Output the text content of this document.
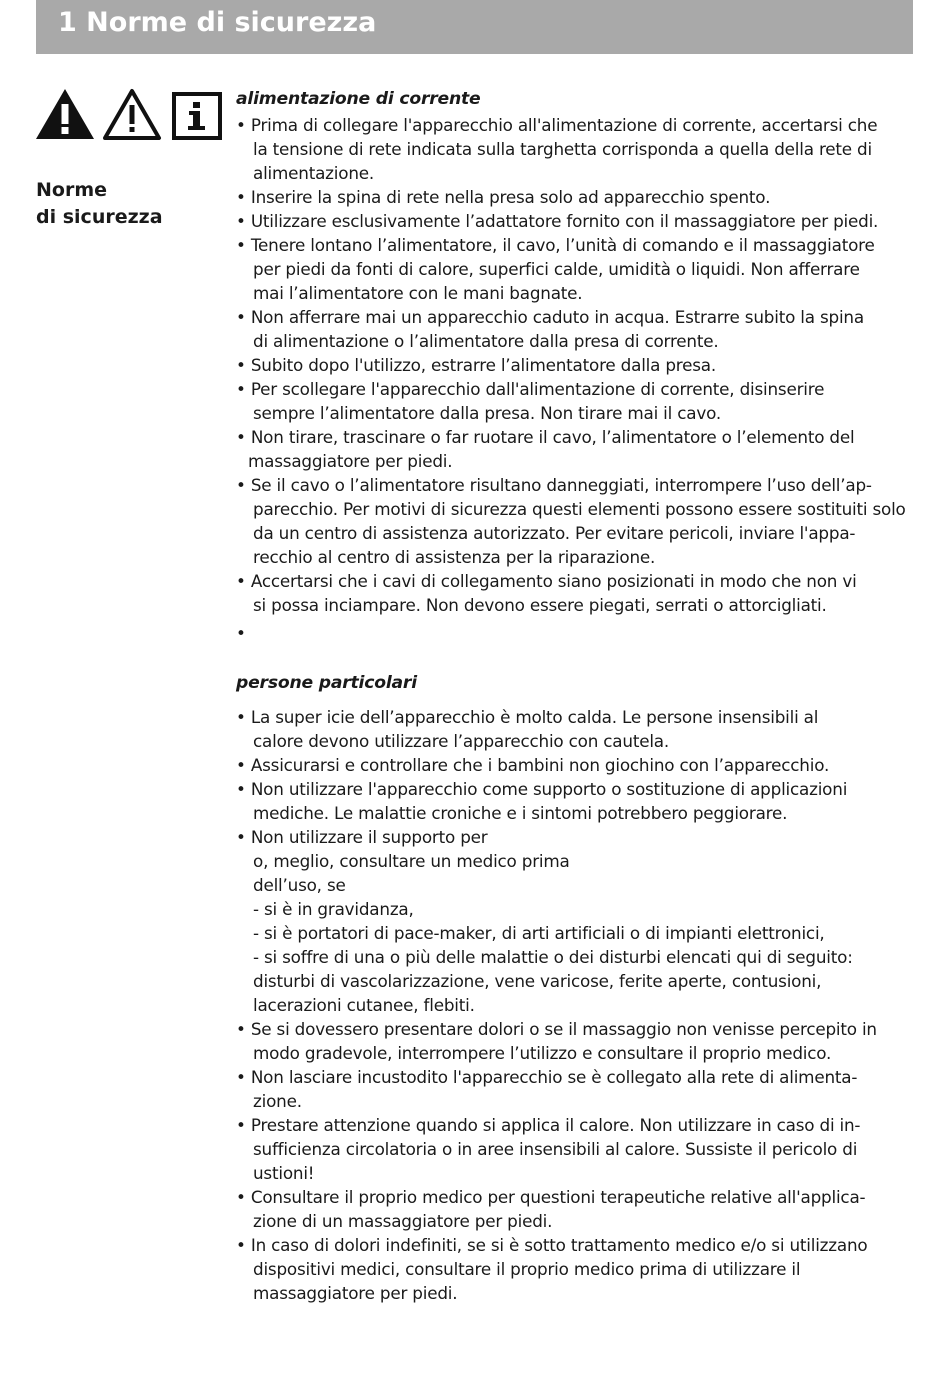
1 Norme di sicurezza
Norme
di sicurezza
alimentazione di corrente
• Prima di collegare l'apparecchio all'alimentazione di corrente, accertarsi che
la tensione di rete indicata sulla targhetta corrisponda a quella della rete di
alimentazione.
• Inserire la spina di rete nella presa solo ad apparecchio spento.
• Utilizzare esclusivamente l’adattatore fornito con il massaggiatore per piedi.
• Tenere lontano l’alimentatore, il cavo, l’unità di comando e il massaggiatore
per piedi da fonti di calore, superfici calde, umidità o liquidi. Non afferrare
mai l’alimentatore con le mani bagnate.
• Non afferrare mai un apparecchio caduto in acqua. Estrarre subito la spina
di alimentazione o l’alimentatore dalla presa di corrente.
• Subito dopo l'utilizzo, estrarre l’alimentatore dalla presa.
• Per scollegare l'apparecchio dall'alimentazione di corrente, disinserire
sempre l’alimentatore dalla presa. Non tirare mai il cavo.
• Non tirare, trascinare o far ruotare il cavo, l’alimentatore o l’elemento del
massaggiatore per piedi.
• Se il cavo o l’alimentatore risultano danneggiati, interrompere l’uso dell’ap-
parecchio. Per motivi di sicurezza questi elementi possono essere sostituiti solo
da un centro di assistenza autorizzato. Per evitare pericoli, inviare l'appa-
recchio al centro di assistenza per la riparazione.
• Accertarsi che i cavi di collegamento siano posizionati in modo che non vi
si possa inciampare. Non devono essere piegati, serrati o attorcigliati.
•
persone particolari
• La super icie dell’apparecchio è molto calda. Le persone insensibili al
calore devono utilizzare l’apparecchio con cautela.
• Assicurarsi e controllare che i bambini non giochino con l’apparecchio.
• Non utilizzare l'apparecchio come supporto o sostituzione di applicazioni
mediche. Le malattie croniche e i sintomi potrebbero peggiorare.
• Non utilizzare il supporto per
o, meglio, consultare un medico prima
dell’uso, se
- si è in gravidanza,
- si è portatori di pace-maker, di arti artificiali o di impianti elettronici,
- si soffre di una o più delle malattie o dei disturbi elencati qui di seguito:
disturbi di vascolarizzazione, vene varicose, ferite aperte, contusioni,
lacerazioni cutanee, flebiti.
• Se si dovessero presentare dolori o se il massaggio non venisse percepito in
modo gradevole, interrompere l’utilizzo e consultare il proprio medico.
• Non lasciare incustodito l'apparecchio se è collegato alla rete di alimenta-
zione.
• Prestare attenzione quando si applica il calore. Non utilizzare in caso di in-
sufficienza circolatoria o in aree insensibili al calore. Sussiste il pericolo di
ustioni!
• Consultare il proprio medico per questioni terapeutiche relative all'applica-
zione di un massaggiatore per piedi.
• In caso di dolori indefiniti, se si è sotto trattamento medico e/o si utilizzano
dispositivi medici, consultare il proprio medico prima di utilizzare il
massaggiatore per piedi.
